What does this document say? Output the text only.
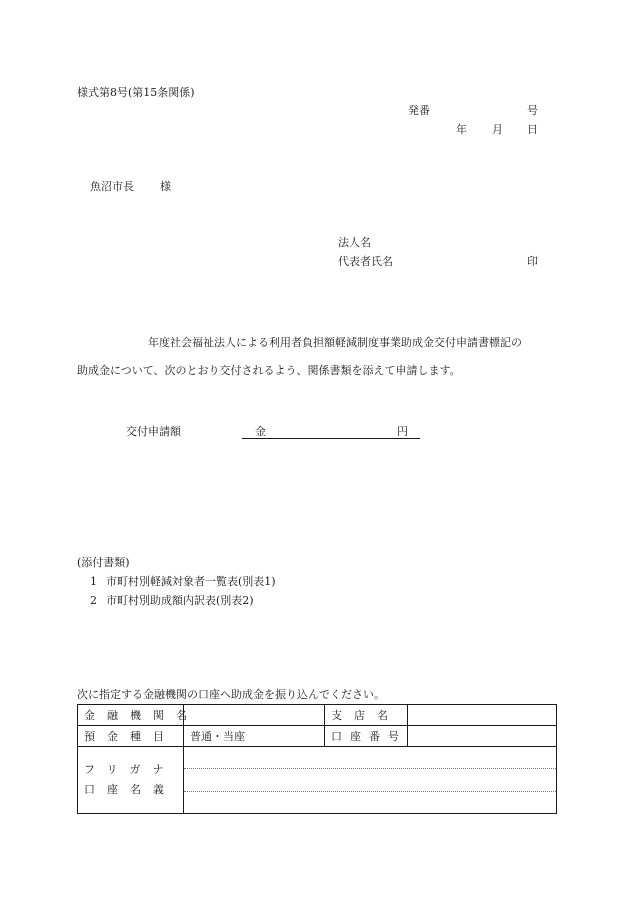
様式第8号(第15条関係)
発番	号
年 月 日
魚沼市長 様
法人名
代表者氏名	印
年度社会福祉法人による利用者負担額軽減制度事業助成金交付申請書標記の
助成金について、次のとおり交付されるよう、関係書類を添えて申請します。
交付申請額	金	円
(添付書類)
1 市町村別軽減対象者一覧表(別表1)
2 市町村別助成額内訳表(別表2)
次に指定する金融機関の口座へ助成金を振り込んでください。
金融機関名		支店名	
預金種目	普通・当座	口座番号	

フリガナ
口座名義			
